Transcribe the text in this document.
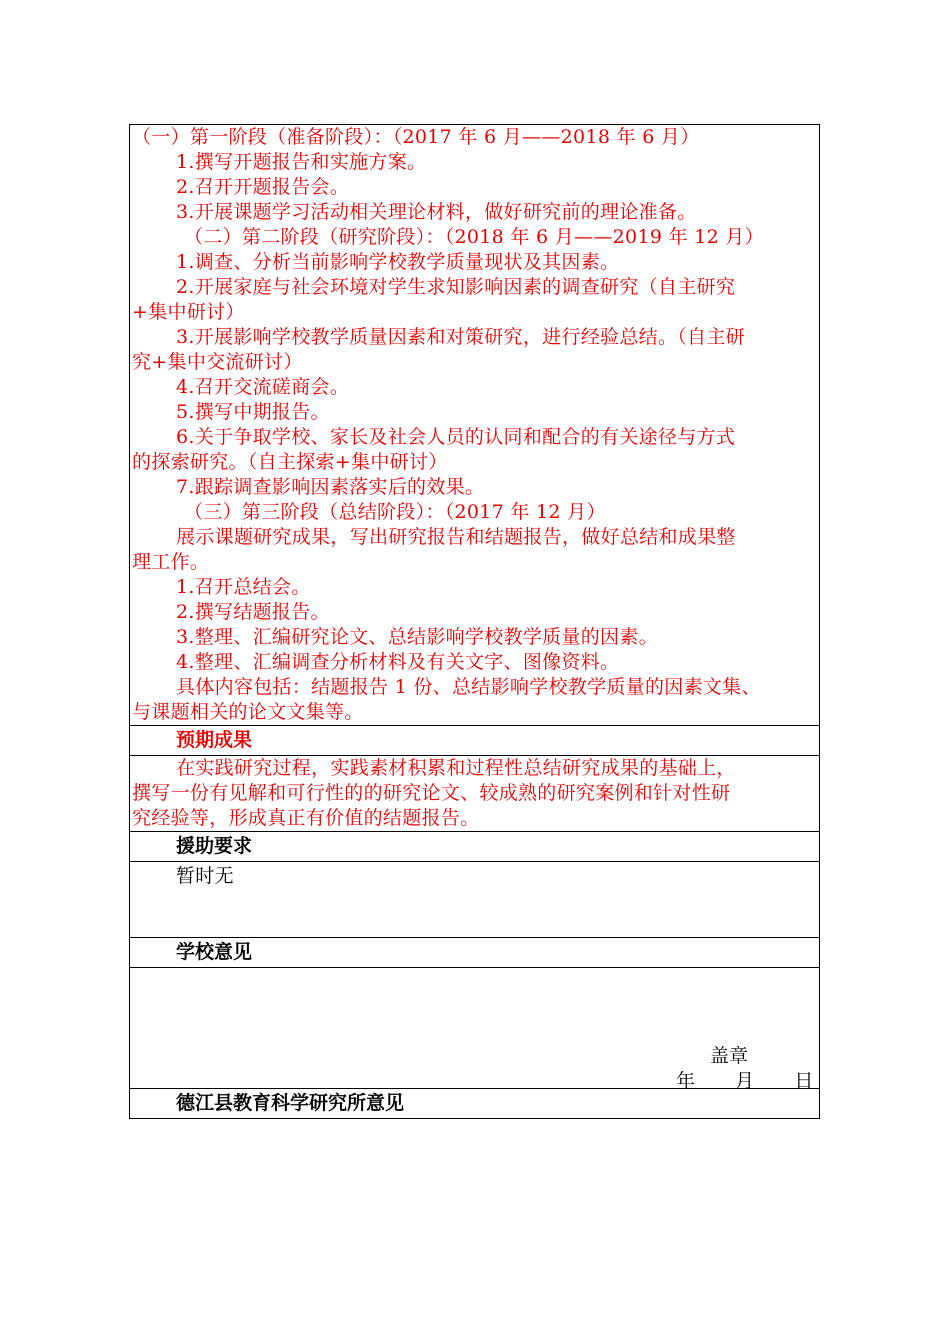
（一）第一阶段（准备阶段）：（2017 年 6 月——2018 年 6 月）
1.撰写开题报告和实施方案。
2.召开开题报告会。
3.开展课题学习活动相关理论材料，做好研究前的理论准备。
（二）第二阶段（研究阶段）：（2018 年 6 月——2019 年 12 月）
1.调查、分析当前影响学校教学质量现状及其因素。
2.开展家庭与社会环境对学生求知影响因素的调查研究（自主研究
+集中研讨）
3.开展影响学校教学质量因素和对策研究，进行经验总结。（自主研
究+集中交流研讨）
4.召开交流磋商会。
5.撰写中期报告。
6.关于争取学校、家长及社会人员的认同和配合的有关途径与方式
的探索研究。（自主探索+集中研讨）
7.跟踪调查影响因素落实后的效果。
（三）第三阶段（总结阶段）：（2017 年 12 月）
展示课题研究成果，写出研究报告和结题报告，做好总结和成果整
理工作。
1.召开总结会。
2.撰写结题报告。
3.整理、汇编研究论文、总结影响学校教学质量的因素。
4.整理、汇编调查分析材料及有关文字、图像资料。
具体内容包括：结题报告 1 份、总结影响学校教学质量的因素文集、
与课题相关的论文文集等。
预期成果
在实践研究过程，实践素材积累和过程性总结研究成果的基础上，
撰写一份有见解和可行性的的研究论文、较成熟的研究案例和针对性研
究经验等，形成真正有价值的结题报告。
援助要求
暂时无
学校意见
盖章
年    月    日
德江县教育科学研究所意见
